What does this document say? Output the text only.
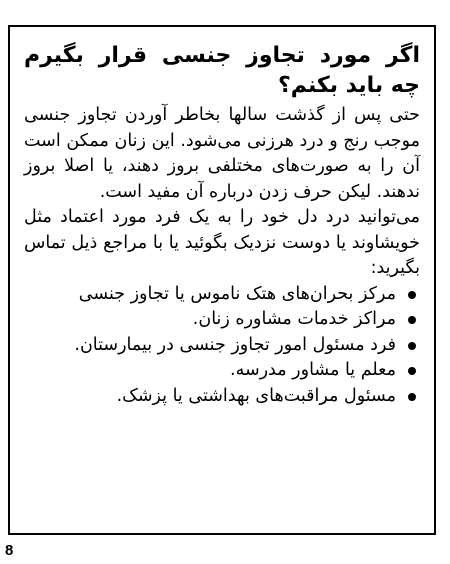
اگر مورد تجاوز جنسی قرار بگیرم چه باید بکنم؟

حتی پس از گذشت سالها بخاطر آوردن تجاوز جنسی موجب رنج و درد هرزنی می‌شود. این زنان ممکن است آن را به صورت‌های مختلفی بروز دهند، یا اصلا بروز ندهند. لیکن حرف زدن درباره آن مفید است.

می‌توانید درد دل خود را به یک فرد مورد اعتماد مثل خویشاوند یا دوست نزدیک بگوئید یا با مراجع ذیل تماس بگیرید:

مرکز بحران‌های هتک ناموس یا تجاوز جنسی
مراکز خدمات مشاوره زنان.
فرد مسئول امور تجاوز جنسی در بیمارستان.
معلم یا مشاور مدرسه.
مسئول مراقبت‌های بهداشتی یا پزشک.
8
